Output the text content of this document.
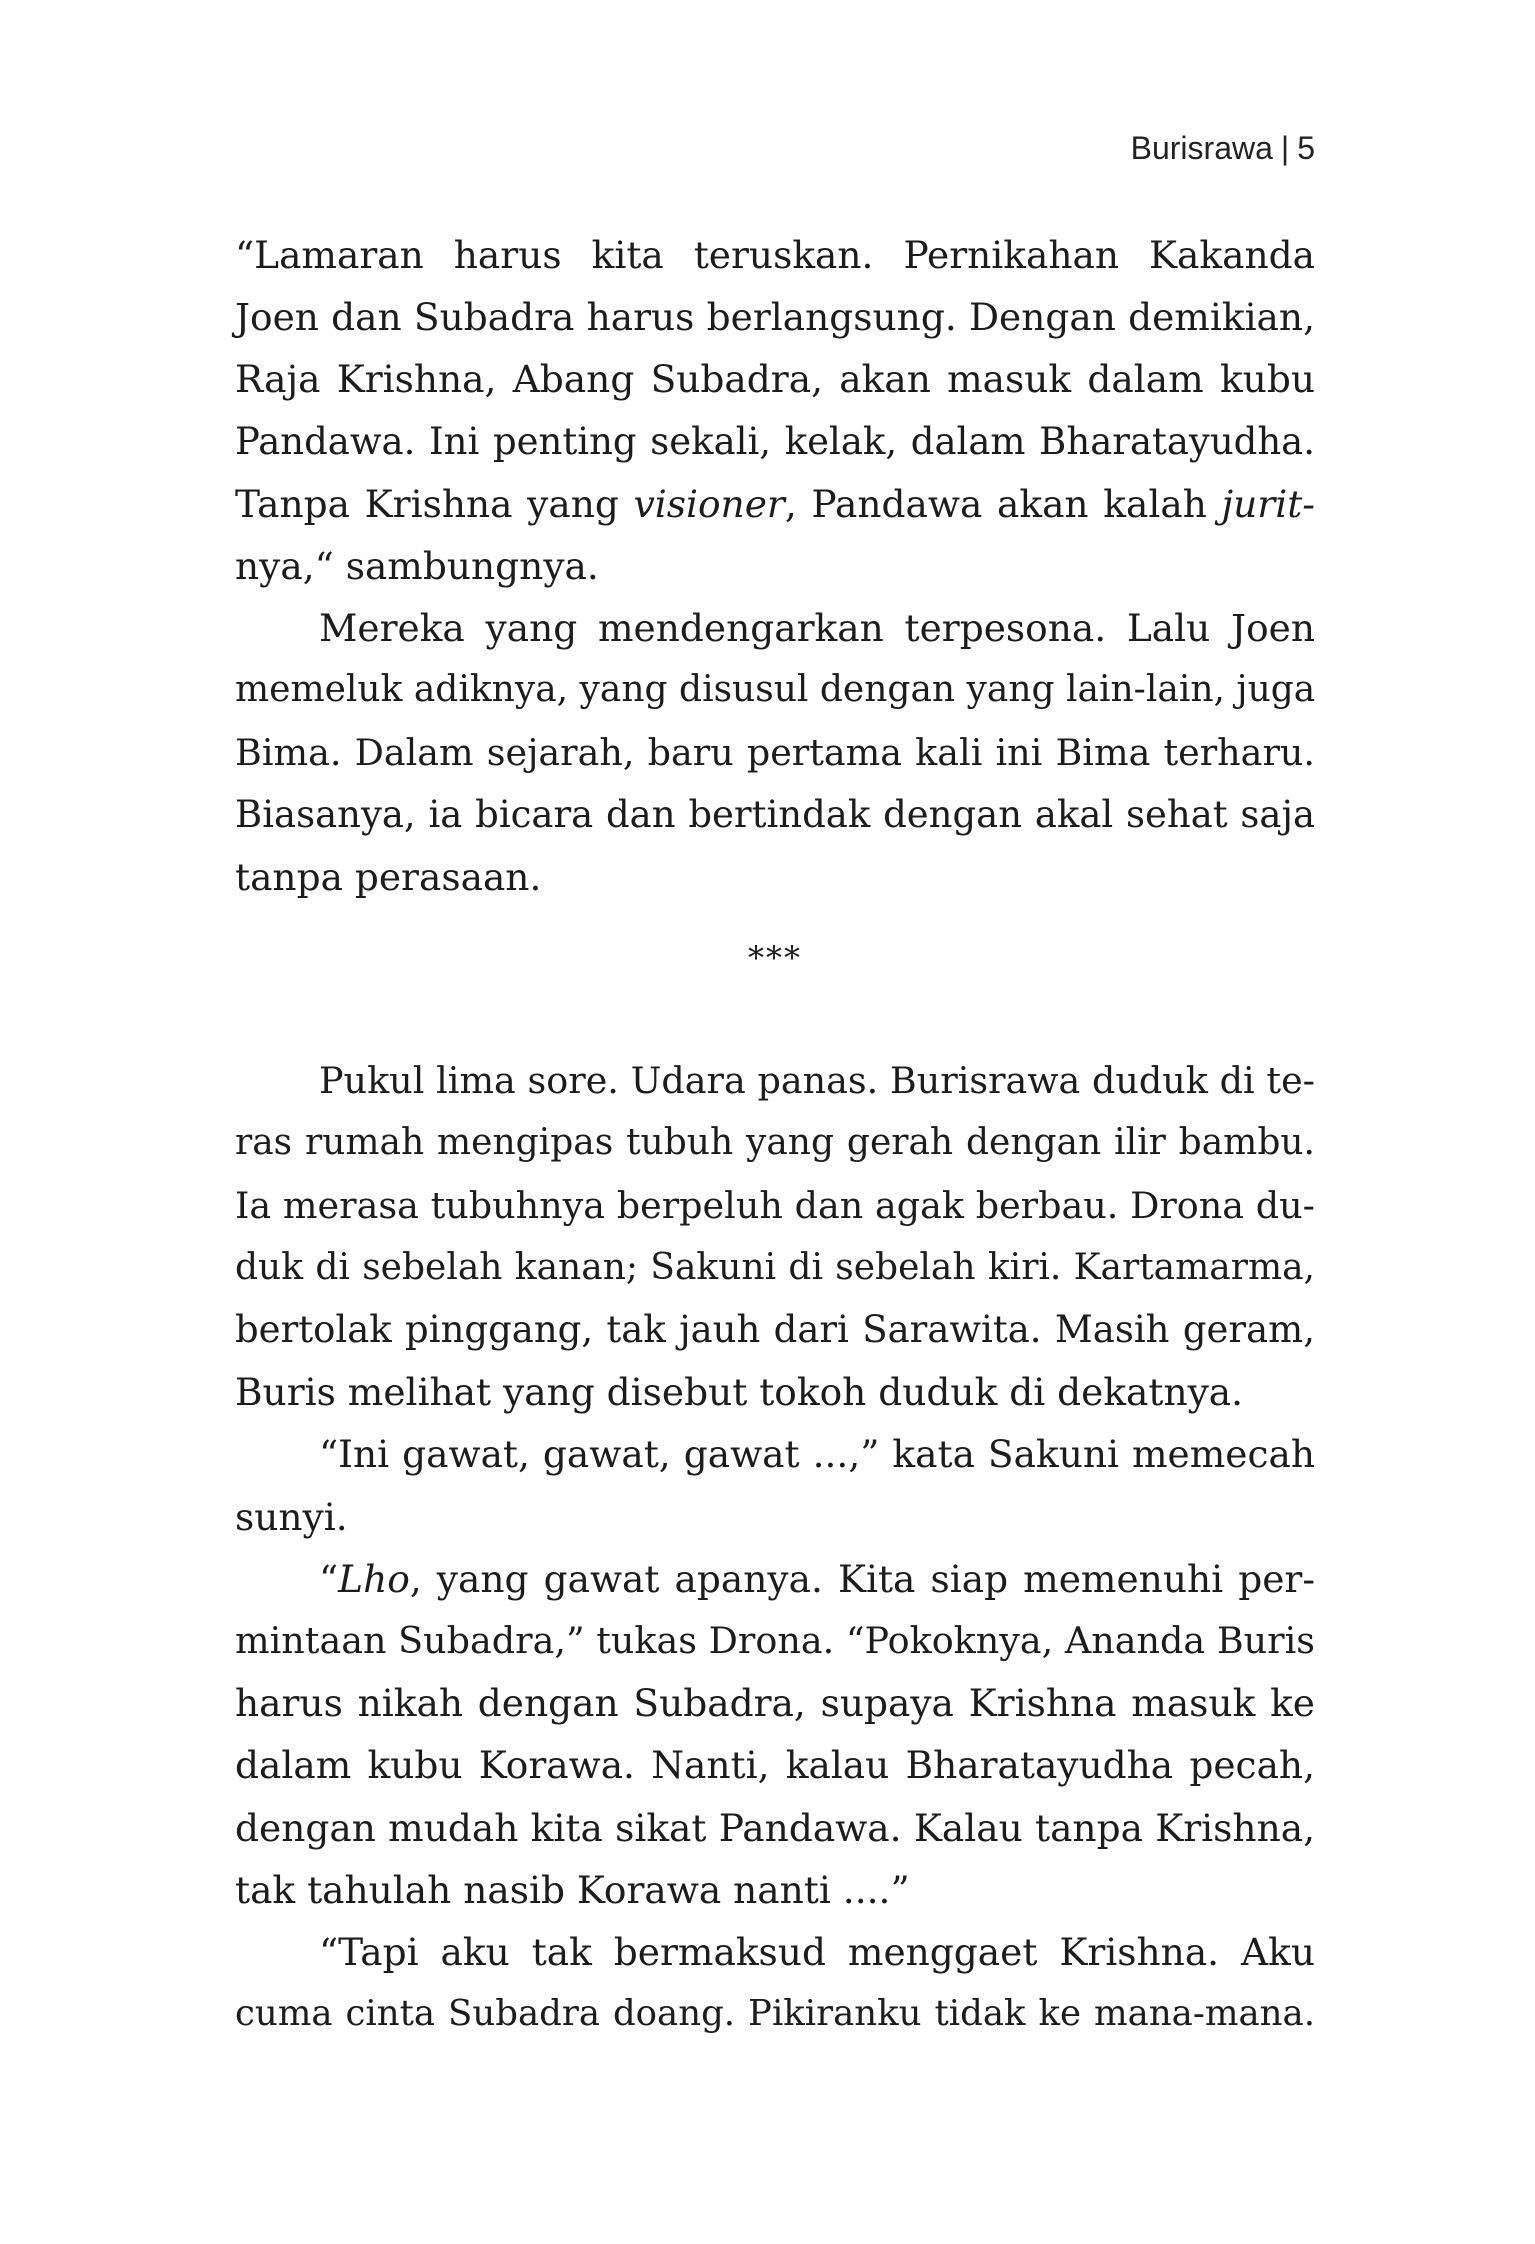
Burisrawa | 5

“Lamaran harus kita teruskan. Pernikahan Kakanda
Joen dan Subadra harus berlangsung. Dengan demikian,
Raja Krishna, Abang Subadra, akan masuk dalam kubu
Pandawa. Ini penting sekali, kelak, dalam Bharatayudha.
Tanpa Krishna yang visioner, Pandawa akan kalah jurit-
nya,“ sambungnya.

Mereka yang mendengarkan terpesona. Lalu Joen
memeluk adiknya, yang disusul dengan yang lain-lain, juga
Bima. Dalam sejarah, baru pertama kali ini Bima terharu.
Biasanya, ia bicara dan bertindak dengan akal sehat saja
tanpa perasaan.

***

Pukul lima sore. Udara panas. Burisrawa duduk di te-
ras rumah mengipas tubuh yang gerah dengan ilir bambu.
Ia merasa tubuhnya berpeluh dan agak berbau. Drona du-
duk di sebelah kanan; Sakuni di sebelah kiri. Kartamarma,
bertolak pinggang, tak jauh dari Sarawita. Masih geram,
Buris melihat yang disebut tokoh duduk di dekatnya.

“Ini gawat, gawat, gawat ...,” kata Sakuni memecah
sunyi.

“Lho, yang gawat apanya. Kita siap memenuhi per-
mintaan Subadra,” tukas Drona. “Pokoknya, Ananda Buris
harus nikah dengan Subadra, supaya Krishna masuk ke
dalam kubu Korawa. Nanti, kalau Bharatayudha pecah,
dengan mudah kita sikat Pandawa. Kalau tanpa Krishna,
tak tahulah nasib Korawa nanti ....”

“Tapi aku tak bermaksud menggaet Krishna. Aku
cuma cinta Subadra doang. Pikiranku tidak ke mana-mana.
